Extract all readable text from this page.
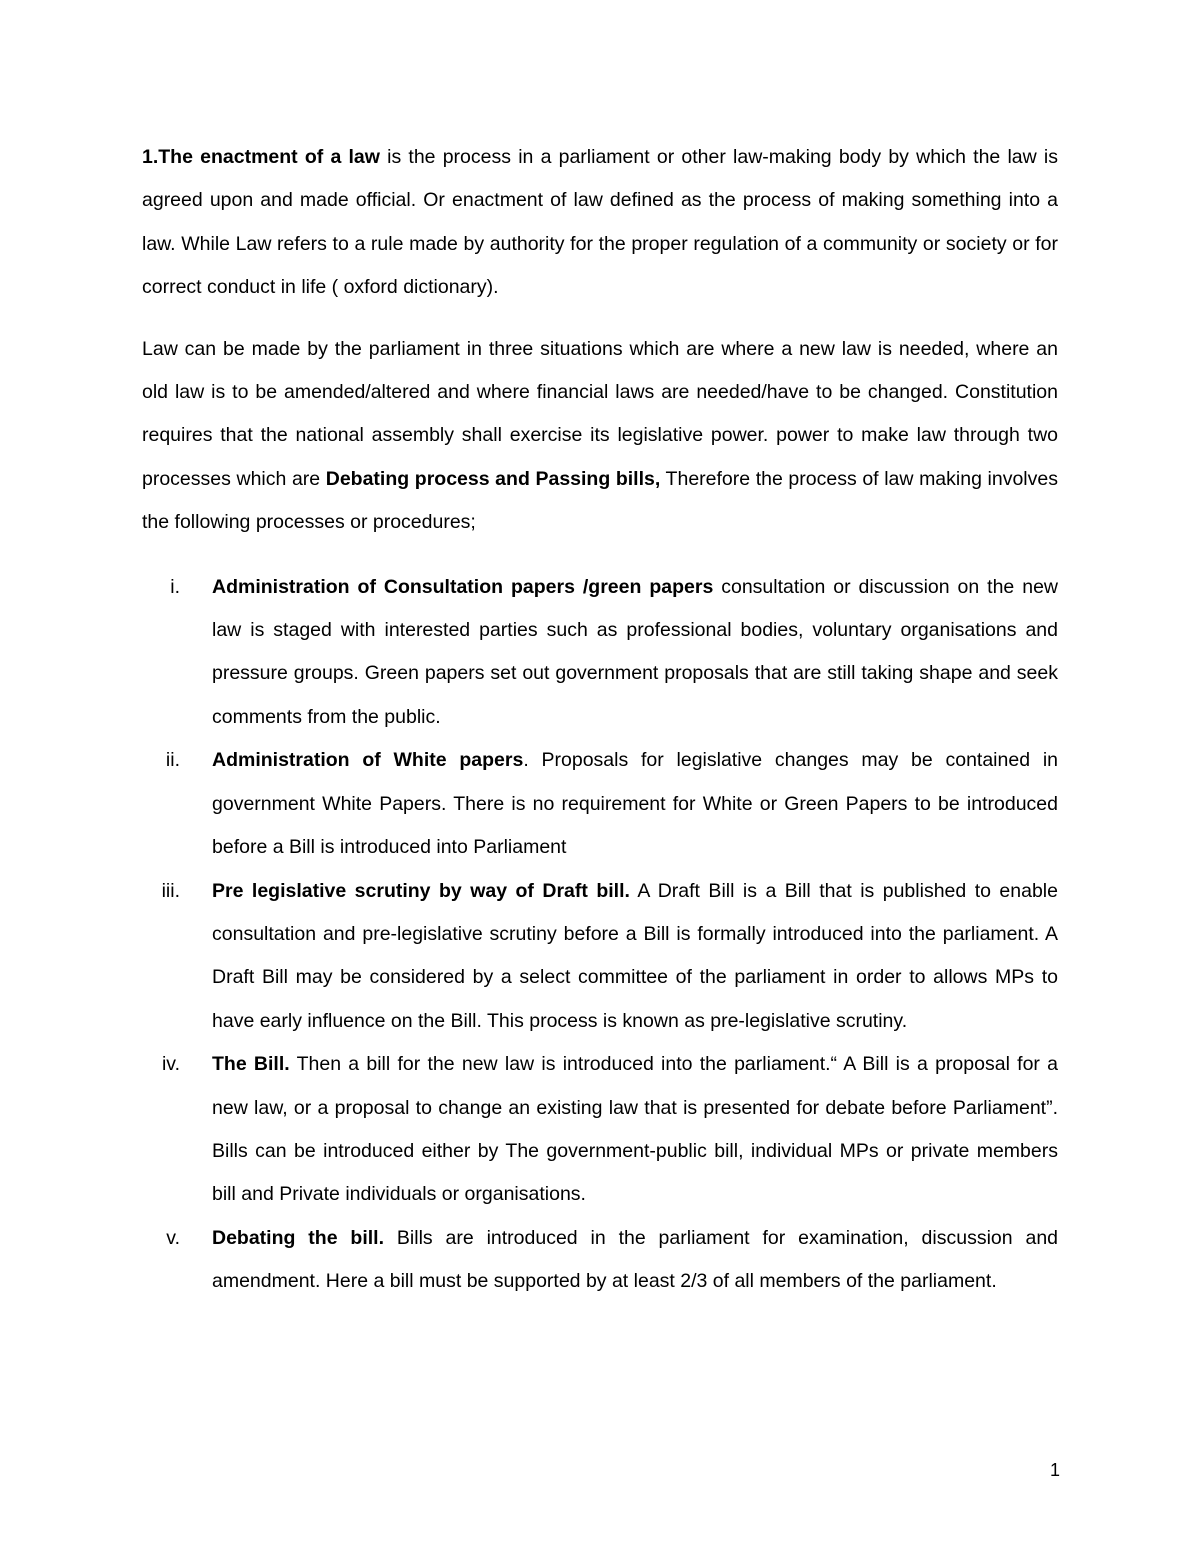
1.The enactment of a law is the process in a parliament or other law-making body by which the law is agreed upon and made official. Or enactment of law defined as the process of making something into a law. While Law refers to a rule made by authority for the proper regulation of a community or society or for correct conduct in life ( oxford dictionary).

Law can be made by the parliament in three situations which are where a new law is needed, where an old law is to be amended/altered and where financial laws are needed/have to be changed. Constitution requires that the national assembly shall exercise its legislative power. power to make law through two processes which are Debating process and Passing bills, Therefore the process of law making involves the following processes or procedures;

i. Administration of Consultation papers /green papers consultation or discussion on the new law is staged with interested parties such as professional bodies, voluntary organisations and pressure groups. Green papers set out government proposals that are still taking shape and seek comments from the public.
ii. Administration of White papers. Proposals for legislative changes may be contained in government White Papers. There is no requirement for White or Green Papers to be introduced before a Bill is introduced into Parliament
iii. Pre legislative scrutiny by way of Draft bill. A Draft Bill is a Bill that is published to enable consultation and pre-legislative scrutiny before a Bill is formally introduced into the parliament. A Draft Bill may be considered by a select committee of the parliament in order to allows MPs to have early influence on the Bill. This process is known as pre-legislative scrutiny.
iv. The Bill. Then a bill for the new law is introduced into the parliament.“ A Bill is a proposal for a new law, or a proposal to change an existing law that is presented for debate before Parliament”. Bills can be introduced either by The government-public bill, individual MPs or private members bill and Private individuals or organisations.
v. Debating the bill. Bills are introduced in the parliament for examination, discussion and amendment. Here a bill must be supported by at least 2/3 of all members of the parliament.
1
